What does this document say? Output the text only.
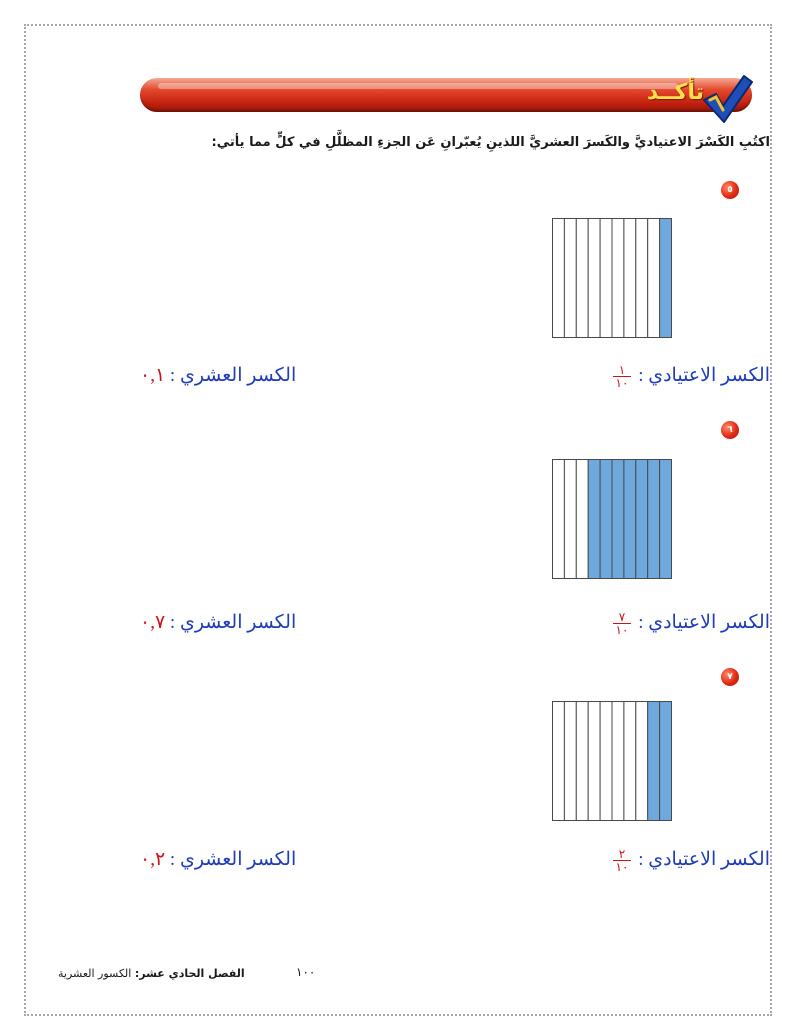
تأكــد
اكتُبِ الكَسْرَ الاعتياديَّ والكَسرَ العشريَّ اللذينِ يُعبّرانِ عَن الجزءِ المظلَّلِ في كلٍّ مما يأتي:
٥
الكسر الاعتيادي :
$\frac{١}{١٠}$
الكسر العشري : ٠,١
٦
الكسر الاعتيادي :
$\frac{٧}{١٠}$
الكسر العشري : ٠,٧
٧
الكسر الاعتيادي :
$\frac{٢}{١٠}$
الكسر العشري : ٠,٢
١٠٠
الفصل الحادي عشر: الكسور العشرية
